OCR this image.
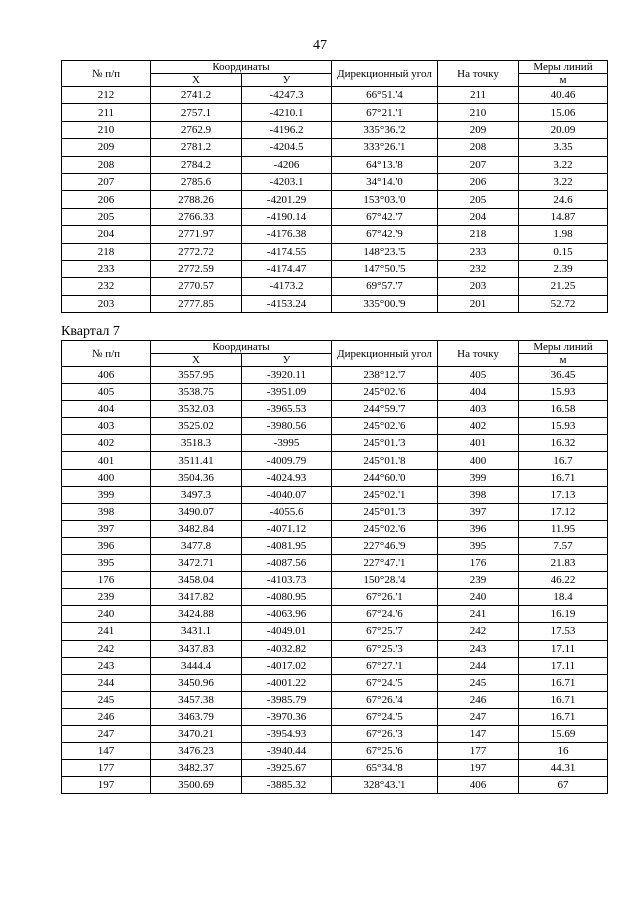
47
№ п/п	Координаты		Дирекционный угол	На точку	Меры линий
	X	У			м
212	2741.2	-4247.3	66°51.'4	211	40.46
211	2757.1	-4210.1	67°21.'1	210	15.06
210	2762.9	-4196.2	335°36.'2	209	20.09
209	2781.2	-4204.5	333°26.'1	208	3.35
208	2784.2	-4206	64°13.'8	207	3.22
207	2785.6	-4203.1	34°14.'0	206	3.22
206	2788.26	-4201.29	153°03.'0	205	24.6
205	2766.33	-4190.14	67°42.'7	204	14.87
204	2771.97	-4176.38	67°42.'9	218	1.98
218	2772.72	-4174.55	148°23.'5	233	0.15
233	2772.59	-4174.47	147°50.'5	232	2.39
232	2770.57	-4173.2	69°57.'7	203	21.25
203	2777.85	-4153.24	335°00.'9	201	52.72
Квартал 7
№ п/п	Координаты		Дирекционный угол	На точку	Меры линий
	X	У			м
406	3557.95	-3920.11	238°12.'7	405	36.45
405	3538.75	-3951.09	245°02.'6	404	15.93
404	3532.03	-3965.53	244°59.'7	403	16.58
403	3525.02	-3980.56	245°02.'6	402	15.93
402	3518.3	-3995	245°01.'3	401	16.32
401	3511.41	-4009.79	245°01.'8	400	16.7
400	3504.36	-4024.93	244°60.'0	399	16.71
399	3497.3	-4040.07	245°02.'1	398	17.13
398	3490.07	-4055.6	245°01.'3	397	17.12
397	3482.84	-4071.12	245°02.'6	396	11.95
396	3477.8	-4081.95	227°46.'9	395	7.57
395	3472.71	-4087.56	227°47.'1	176	21.83
176	3458.04	-4103.73	150°28.'4	239	46.22
239	3417.82	-4080.95	67°26.'1	240	18.4
240	3424.88	-4063.96	67°24.'6	241	16.19
241	3431.1	-4049.01	67°25.'7	242	17.53
242	3437.83	-4032.82	67°25.'3	243	17.11
243	3444.4	-4017.02	67°27.'1	244	17.11
244	3450.96	-4001.22	67°24.'5	245	16.71
245	3457.38	-3985.79	67°26.'4	246	16.71
246	3463.79	-3970.36	67°24.'5	247	16.71
247	3470.21	-3954.93	67°26.'3	147	15.69
147	3476.23	-3940.44	67°25.'6	177	16
177	3482.37	-3925.67	65°34.'8	197	44.31
197	3500.69	-3885.32	328°43.'1	406	67
